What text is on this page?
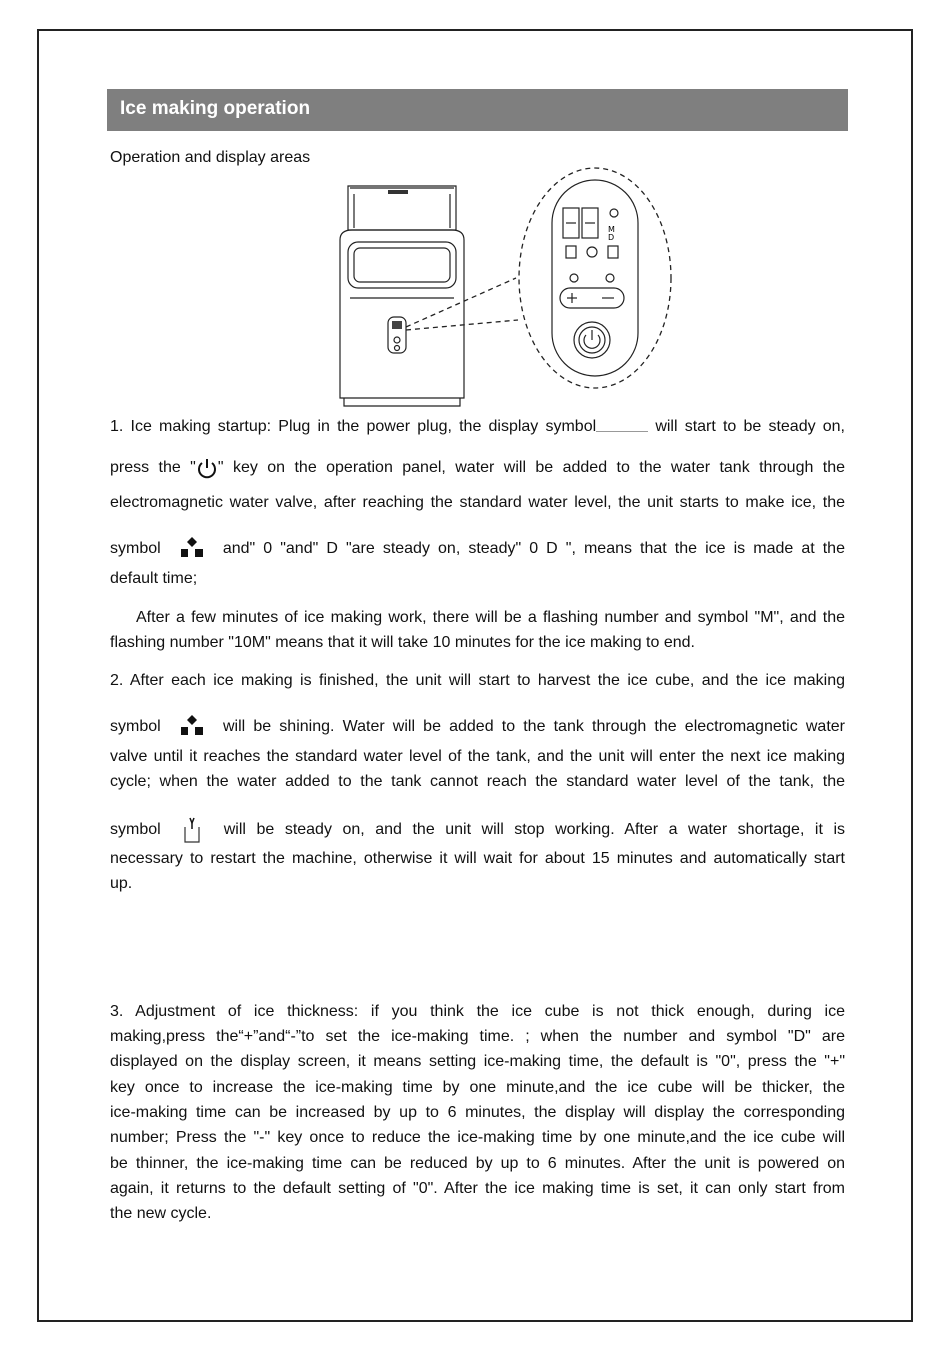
Ice making operation
Operation and display areas
M
D
1. Ice making startup: Plug in the power plug, the display symbol	will start to be steady on,
press the " " key on the operation panel, water will be added to the water tank through the
electromagnetic water valve, after reaching the standard water level, the unit starts to make ice, the
symbol	and" 0 "and" D "are steady on, steady" 0 D ", means that the ice is made at the
default time;
After a few minutes of ice making work, there will be a flashing number and symbol "M", and the
flashing number "10M" means that it will take 10 minutes for the ice making to end.
2. After each ice making is finished, the unit will start to harvest the ice cube, and the ice making
symbol	will be shining. Water will be added to the tank through the electromagnetic water
valve until it reaches the standard water level of the tank, and the unit will enter the next ice making
cycle; when the water added to the tank cannot reach the standard water level of the tank, the
symbol	will be steady on, and the unit will stop working. After a water shortage, it is
necessary to restart the machine, otherwise it will wait for about 15 minutes and automatically start
up.
3. Adjustment of ice thickness: if you think the ice cube is not thick enough, during ice
making,press the“+”and“-”to set the ice-making time. ; when the number and symbol "D" are
displayed on the display screen, it means setting ice-making time, the default is "0", press the "+"
key once to increase the ice-making time by one minute,and the ice cube will be thicker, the
ice-making time can be increased by up to 6 minutes, the display will display the corresponding
number; Press the "-" key once to reduce the ice-making time by one minute,and the ice cube will
be thinner, the ice-making time can be reduced by up to 6 minutes. After the unit is powered on
again, it returns to the default setting of "0". After the ice making time is set, it can only start from
the new cycle.
